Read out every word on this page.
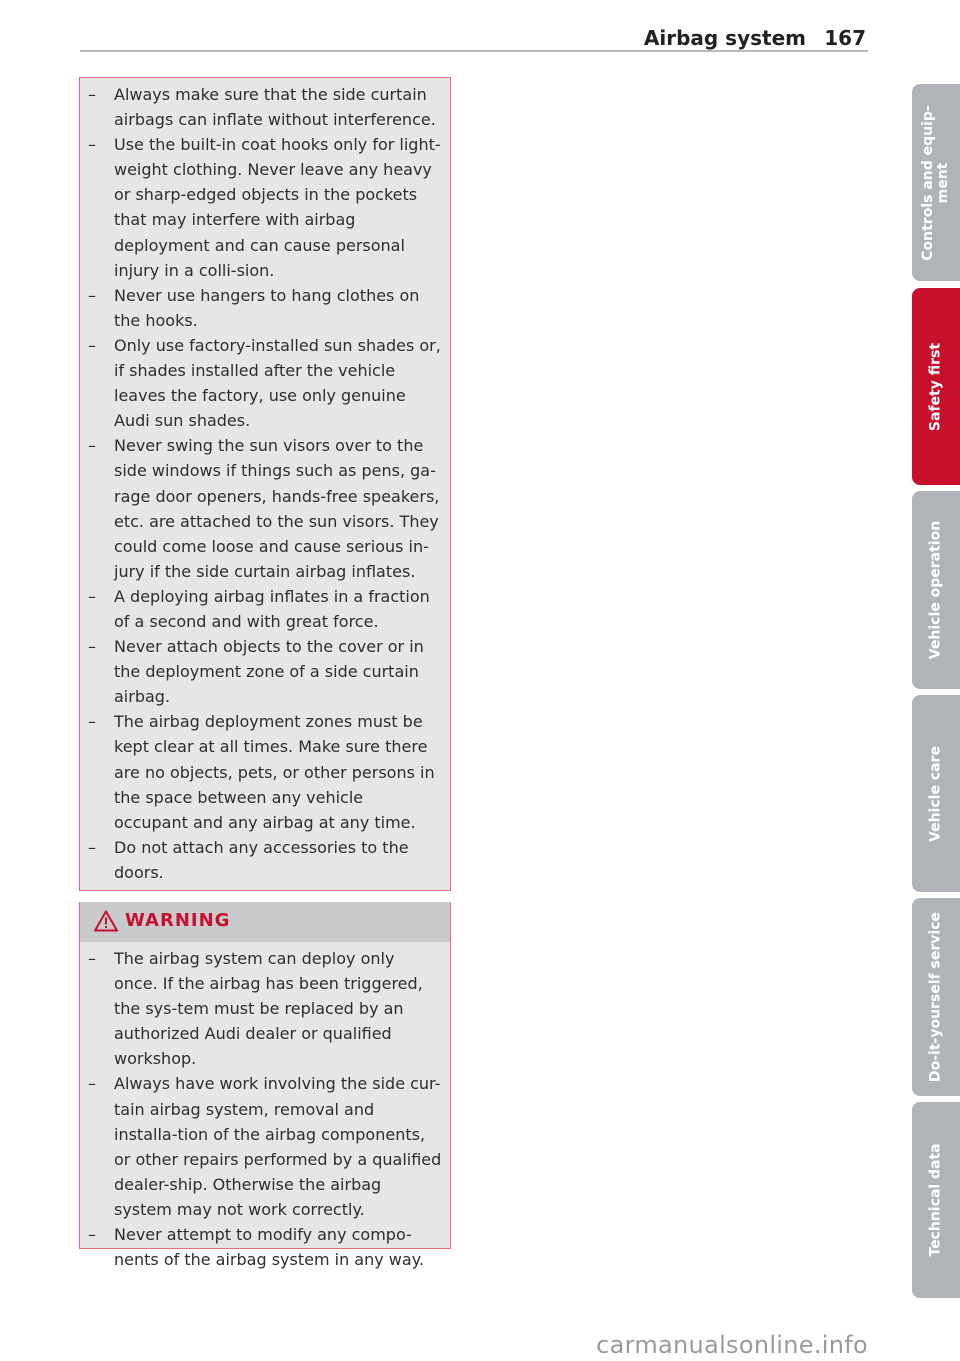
Airbag system 167
– Always make sure that the side curtain airbags can inflate without interference.
– Use the built-in coat hooks only for light-weight clothing. Never leave any heavy or sharp-edged objects in the pockets that may interfere with airbag deployment and can cause personal injury in a colli-sion.
– Never use hangers to hang clothes on the hooks.
– Only use factory-installed sun shades or, if shades installed after the vehicle leaves the factory, use only genuine Audi sun shades.
– Never swing the sun visors over to the side windows if things such as pens, ga-rage door openers, hands-free speakers, etc. are attached to the sun visors. They could come loose and cause serious in-jury if the side curtain airbag inflates.
– A deploying airbag inflates in a fraction of a second and with great force.
– Never attach objects to the cover or in the deployment zone of a side curtain airbag.
– The airbag deployment zones must be kept clear at all times. Make sure there are no objects, pets, or other persons in the space between any vehicle occupant and any airbag at any time.
– Do not attach any accessories to the doors.
WARNING
– The airbag system can deploy only once. If the airbag has been triggered, the sys-tem must be replaced by an authorized Audi dealer or qualified workshop.
– Always have work involving the side cur-tain airbag system, removal and installa-tion of the airbag components, or other repairs performed by a qualified dealer-ship. Otherwise the airbag system may not work correctly.
– Never attempt to modify any compo-nents of the airbag system in any way.
Controls and equip-ment
Safety first
Vehicle operation
Vehicle care
Do-it-yourself service
Technical data
carmanualsonline.info
